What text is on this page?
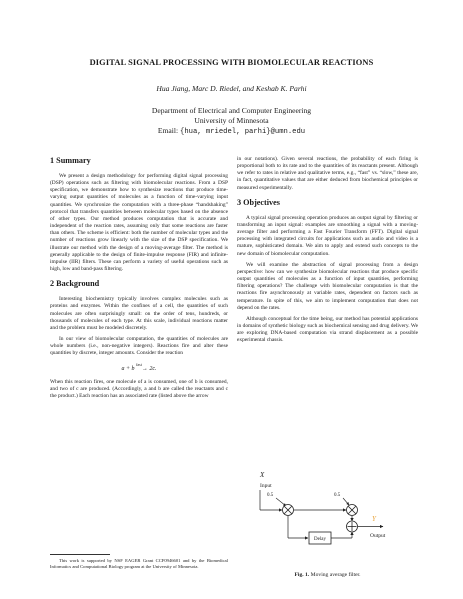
DIGITAL SIGNAL PROCESSING WITH BIOMOLECULAR REACTIONS
Hua Jiang, Marc D. Riedel, and Keshab K. Parhi
Department of Electrical and Computer Engineering
University of Minnesota
Email: {hua, mriedel, parhi}@umn.edu
1 Summary

We present a design methodology for performing digital signal processing (DSP) operations such as filtering with biomolecular reactions. From a DSP specification, we demonstrate how to synthesize reactions that produce time-varying output quantities of molecules as a function of time-varying input quantities. We synchronize the computation with a three-phase “handshaking” protocol that transfers quantities between molecular types based on the absence of other types. Our method produces computation that is accurate and independent of the reaction rates, assuming only that some reactions are faster than others. The scheme is efficient: both the number of molecular types and the number of reactions grow linearly with the size of the DSP specification. We illustrate our method with the design of a moving-average filter. The method is generally applicable to the design of finite-impulse response (FIR) and infinite-impulse (IIR) filters. These can perform a variety of useful operations such as high, low and band-pass filtering.

2 Background

Interesting biochemistry typically involves complex molecules such as proteins and enzymes. Within the confines of a cell, the quantities of such molecules are often surprisingly small: on the order of tens, hundreds, or thousands of molecules of each type. At this scale, individual reactions matter and the problem must be modeled discretely.

In our view of biomolecular computation, the quantities of molecules are whole numbers (i.e., non-negative integers). Reactions fire and alter these quantities by discrete, integer amounts. Consider the reaction

a + b $^{fast}$→ 2c.

When this reaction fires, one molecule of a is consumed, one of b is consumed, and two of c are produced. (Accordingly, a and b are called the reactants and c the product.) Each reaction has an associated rate (listed above the arrow

This work is supported by NSF EAGER Grant CCF0946601 and by the Biomedical Informatics and Computational Biology program at the University of Minnesota.

in our notations). Given several reactions, the probability of each firing is proportional both to its rate and to the quantities of its reactants present. Although we refer to rates in relative and qualitative terms, e.g., “fast” vs. “slow,” these are, in fact, quantitative values that are either deduced from biochemical principles or measured experimentally.

3 Objectives

A typical signal processing operation produces an output signal by filtering or transforming an input signal: examples are smoothing a signal with a moving-average filter and performing a Fast Fourier Transform (FFT). Digital signal processing with integrated circuits for applications such as audio and video is a mature, sophisticated domain. We aim to apply and extend such concepts to the new domain of biomolecular computation.

We will examine the abstraction of signal processing from a design perspective: how can we synthesize biomolecular reactions that produce specific output quantities of molecules as a function of input quantities, performing filtering operations? The challenge with biomolecular computation is that the reactions fire asynchronously at variable rates, dependent on factors such as temperature. In spite of this, we aim to implement computation that does not depend on the rates.

Although conceptual for the time being, our method has potential applications in domains of synthetic biology such as biochemical sensing and drug delivery. We are exploring DNA-based computation via strand displacement as a possible experimental chassis.

X
Input
0.5
Delay
0.5
Y
Output
Fig. 1. Moving average filter.
